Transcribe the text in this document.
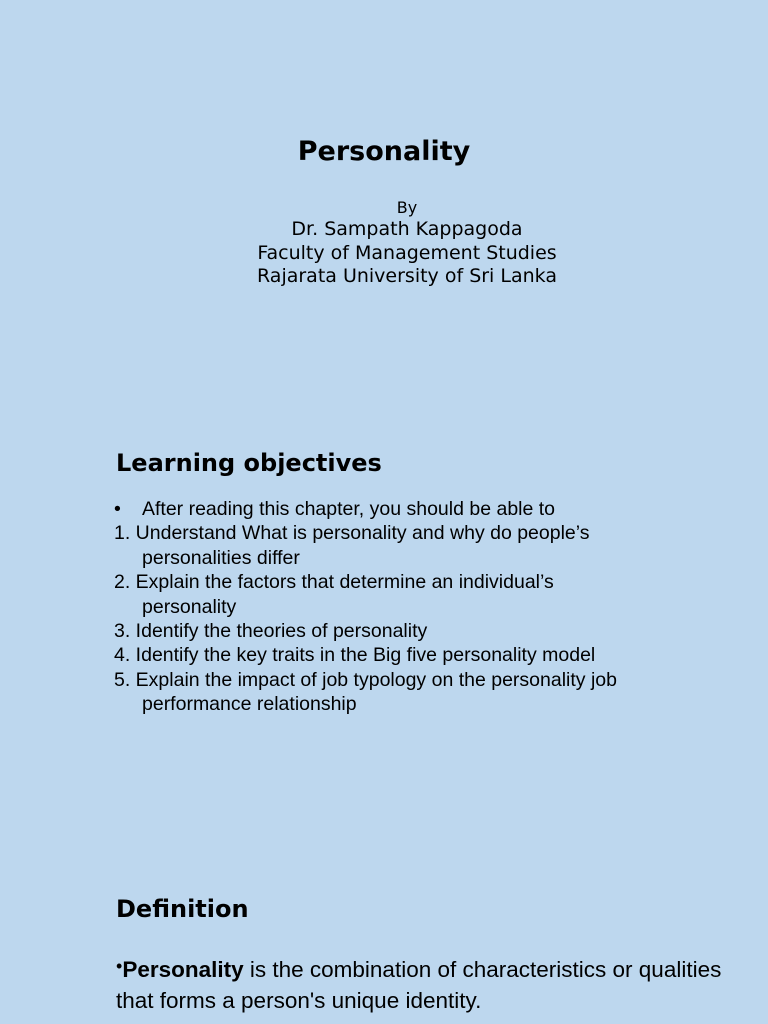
Personality
By
Dr. Sampath Kappagoda
Faculty of Management Studies
Rajarata University of Sri Lanka
Learning objectives
• After reading this chapter, you should be able to
1. Understand What is personality and why do people’s
personalities differ
2. Explain the factors that determine an individual’s
personality
3. Identify the theories of personality
4. Identify the key traits in the Big five personality model
5. Explain the impact of job typology on the personality job
performance relationship
Definition
•Personality is the combination of characteristics or qualities that forms a person's unique identity.
